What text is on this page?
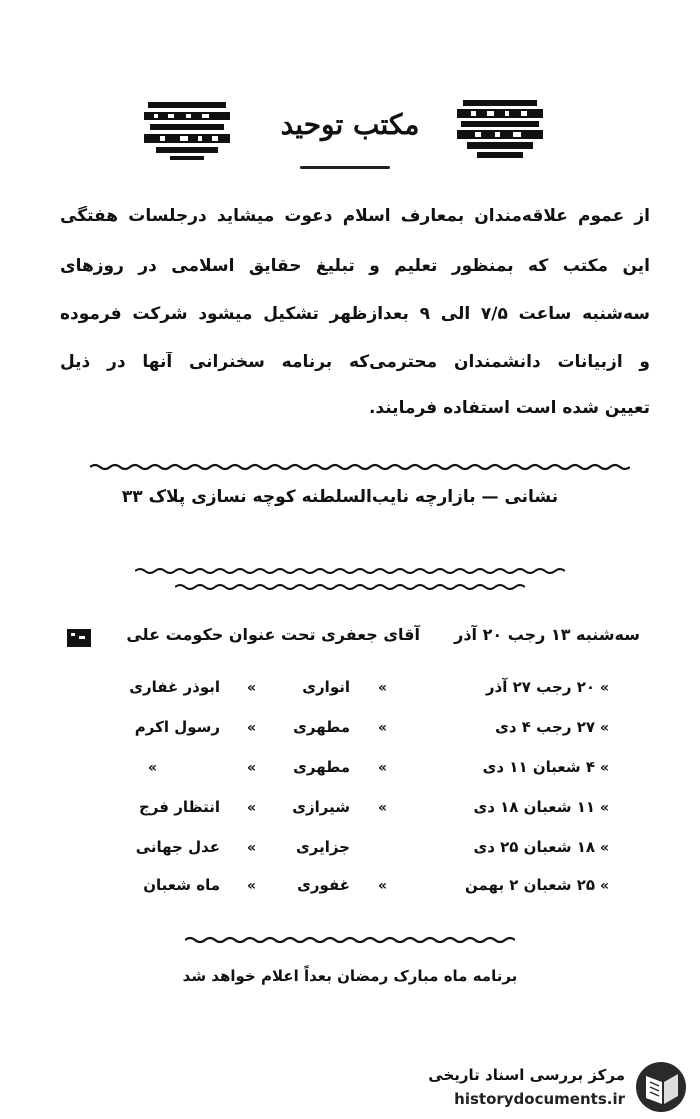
مکتب توحید
از عموم علاقه‌مندان بمعارف اسلام دعوت میشاید درجلسات هفتگی
این مکتب که بمنظور تعلیم و تبلیغ حقایق اسلامی در روزهای
سه‌شنبه ساعت ۷/۵ الی ۹ بعدازظهر تشکیل میشود شرکت فرموده
و ازبیانات دانشمندان محترمی‌که برنامه سخنرانی آنها در ذیل
تعیین شده است استفاده فرمایند.
نشانی — بازارچه نایب‌السلطنه کوچه نسازی پلاک ۳۳
سه‌شنبه ۱۳ رجب ۲۰ آذر
آقای جعفری تحت عنوان حکومت علی
«
۲۰ رجب ۲۷ آذر
«
انواری
«
ابوذر غفاری
«
۲۷ رجب ۴ دی
«
مطهری
«
رسول اکرم
«
۴ شعبان ۱۱ دی
«
مطهری
«
«
«
۱۱ شعبان ۱۸ دی
«
شیرازی
«
انتظار فرج
«
۱۸ شعبان ۲۵ دی
جزایری
«
عدل جهانی
«
۲۵ شعبان ۲ بهمن
«
غفوری
«
ماه شعبان
برنامه ماه مبارک رمضان بعداً اعلام خواهد شد
مرکز بررسی اسناد تاریخی
historydocuments.ir
